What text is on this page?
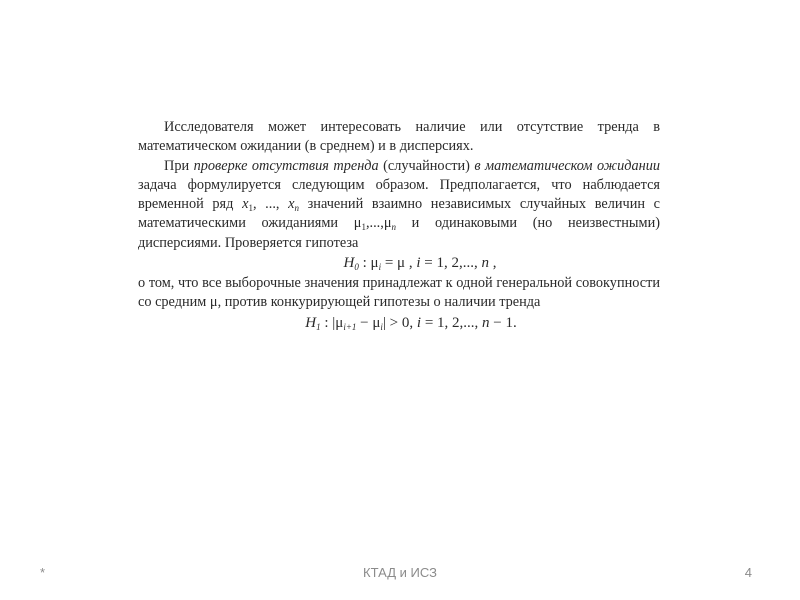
Исследователя может интересовать наличие или отсутствие тренда в математическом ожидании (в среднем) и в дисперсиях.

При проверке отсутствия тренда (случайности) в математическом ожидании задача формулируется следующим образом. Предполагается, что наблюдается временной ряд $x_1$, ..., $x_n$ значений взаимно независимых случайных величин с математическими ожиданиями $\mu_1,...,\mu_n$ и одинаковыми (но неизвестными) дисперсиями. Проверяется гипотеза

$H_0$ : $\mu_i = \mu$ , i = 1, 2,..., n ,

о том, что все выборочные значения принадлежат к одной генеральной совокупности со средним μ, против конкурирующей гипотезы о наличии тренда

$H_1$ : $|\mu_{i+1} - \mu_i| > 0$, i = 1, 2,..., n − 1.

*	КТАД и ИСЗ	4
